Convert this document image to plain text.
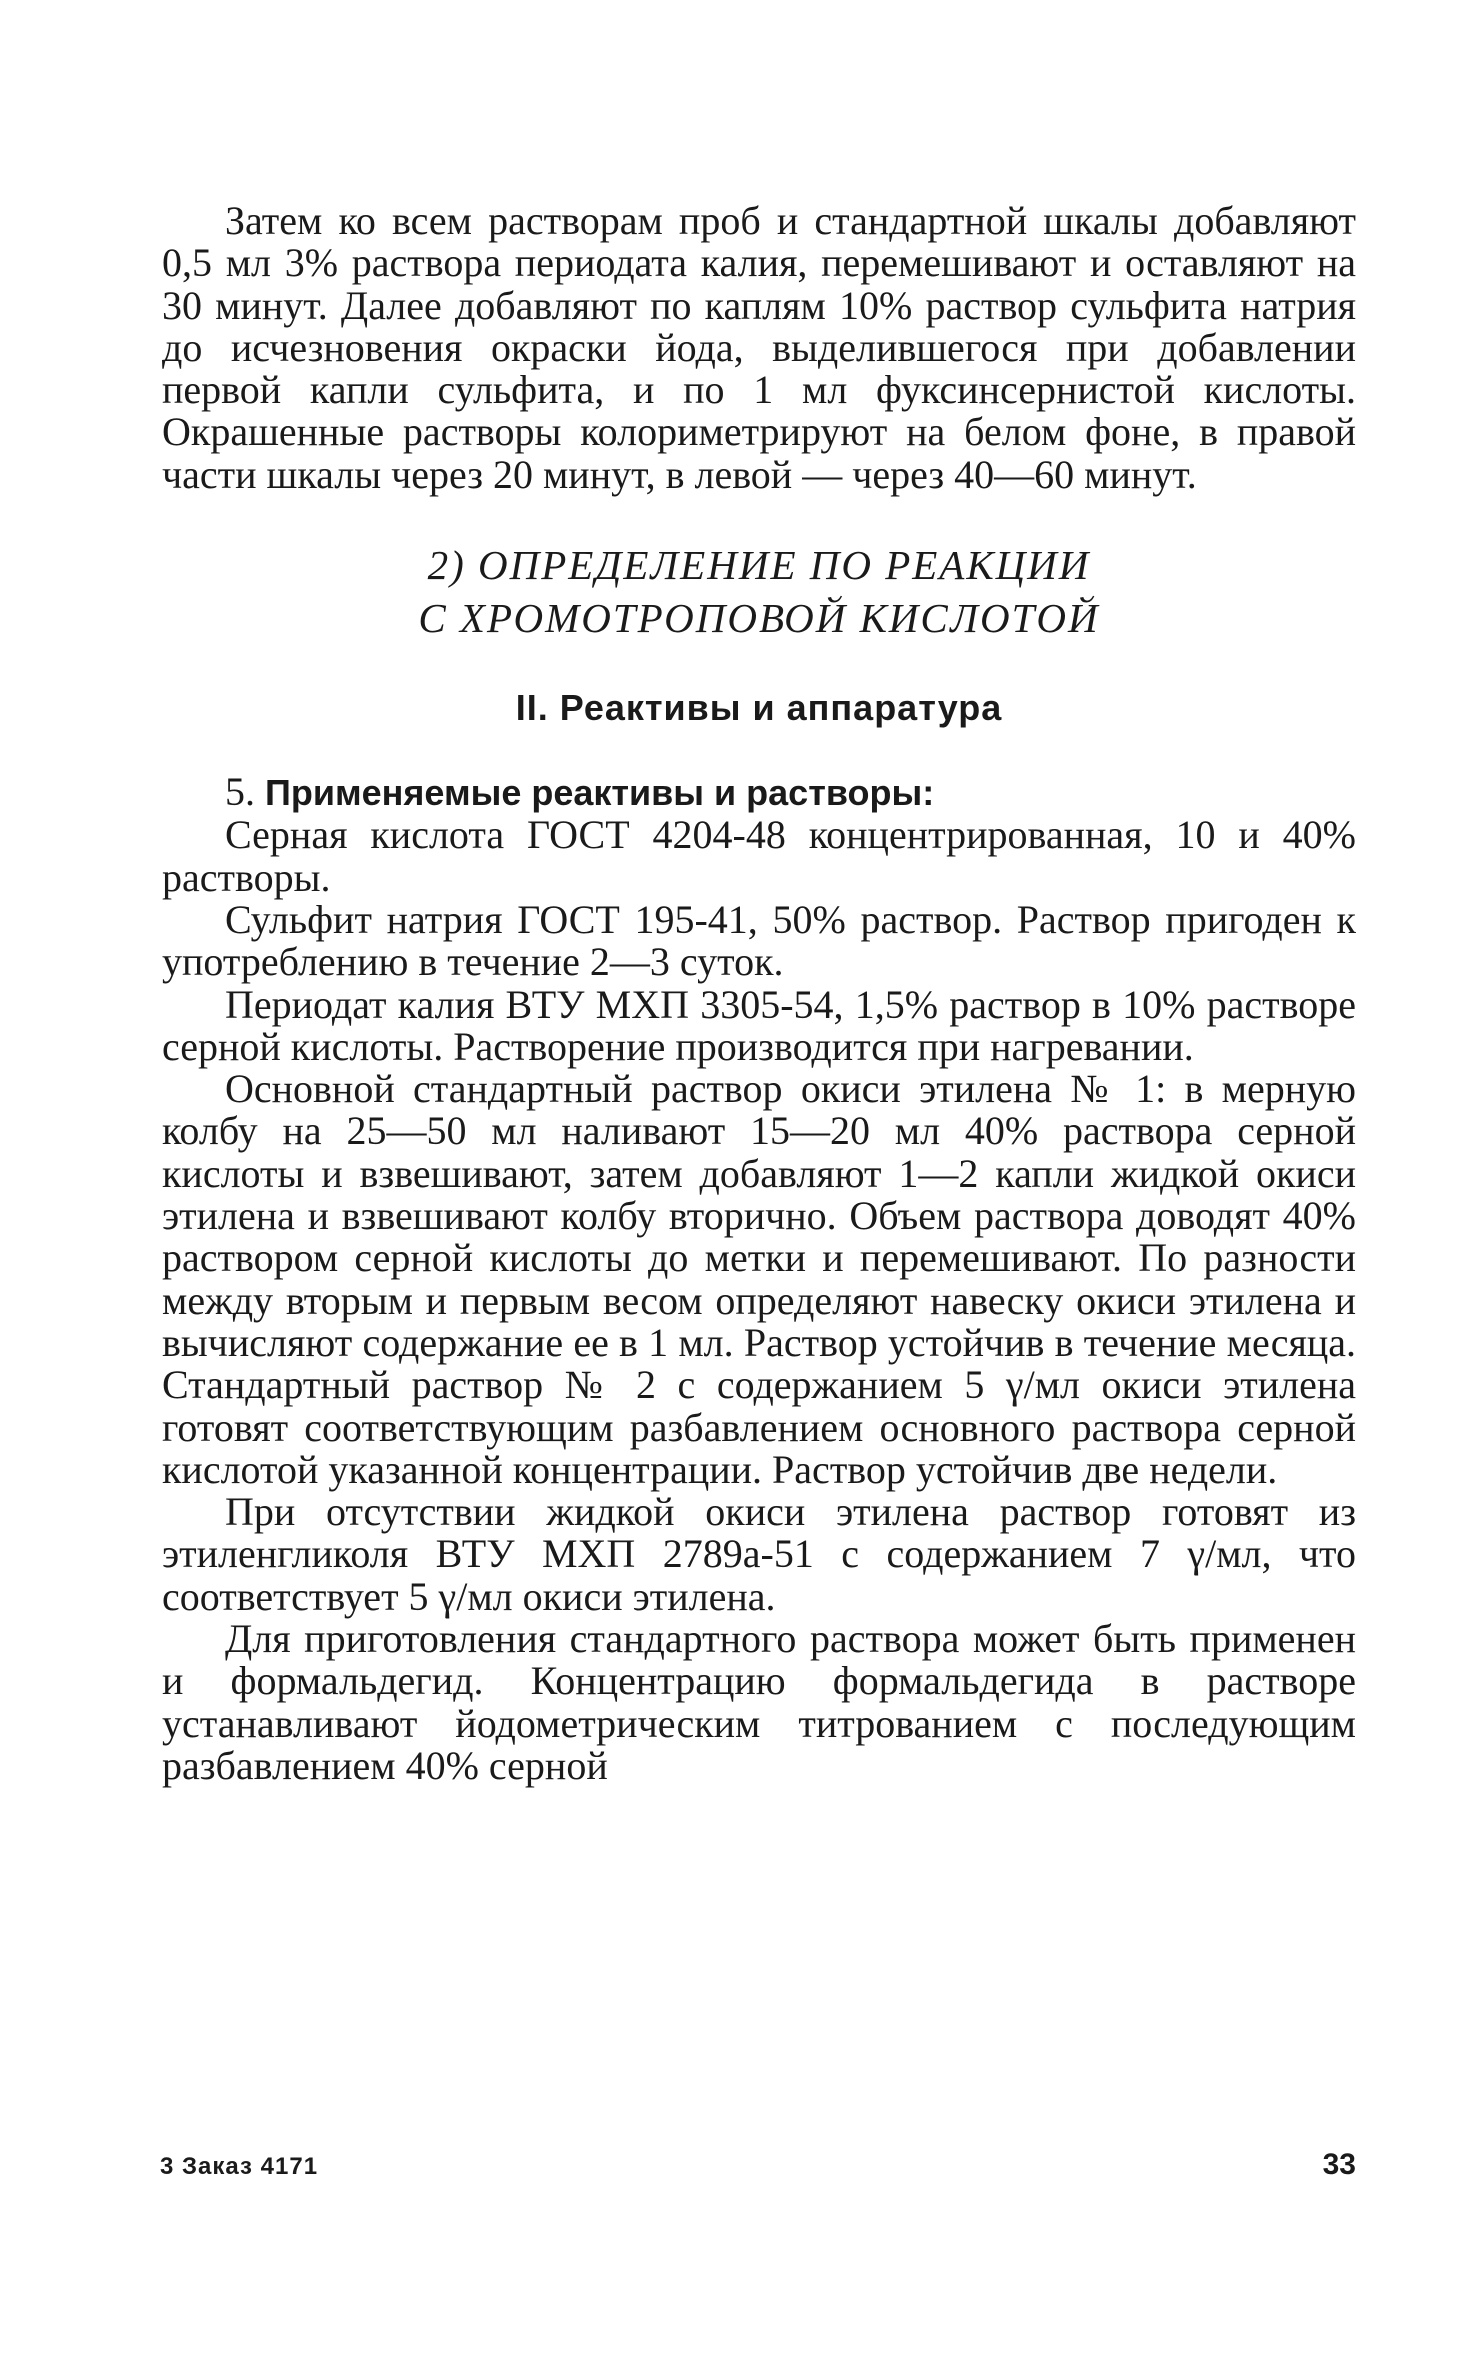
Затем ко всем растворам проб и стандартной шкалы добавляют 0,5 мл 3% раствора периодата калия, перемешивают и оставляют на 30 минут. Далее добавляют по каплям 10% раствор сульфита натрия до исчезновения окраски йода, выделившегося при добавлении первой капли сульфита, и по 1 мл фуксинсернистой кислоты. Окрашенные растворы колориметрируют на белом фоне, в правой части шкалы через 20 минут, в левой — через 40—60 минут.

2) ОПРЕДЕЛЕНИЕ ПО РЕАКЦИИ
С ХРОМОТРОПОВОЙ КИСЛОТОЙ
II. Реактивы и аппаратура

5. Применяемые реактивы и растворы:

Серная кислота ГОСТ 4204-48 концентрированная, 10 и 40% растворы.

Сульфит натрия ГОСТ 195-41, 50% раствор. Раствор пригоден к употреблению в течение 2—3 суток.

Периодат калия ВТУ МХП 3305-54, 1,5% раствор в 10% растворе серной кислоты. Растворение производится при нагревании.

Основной стандартный раствор окиси этилена № 1: в мерную колбу на 25—50 мл наливают 15—20 мл 40% раствора серной кислоты и взвешивают, затем добавляют 1—2 капли жидкой окиси этилена и взвешивают колбу вторично. Объем раствора доводят 40% раствором серной кислоты до метки и перемешивают. По разности между вторым и первым весом определяют навеску окиси этилена и вычисляют содержание ее в 1 мл. Раствор устойчив в течение месяца. Стандартный раствор № 2 с содержанием 5 γ/мл окиси этилена готовят соответствующим разбавлением основного раствора серной кислотой указанной концентрации. Раствор устойчив две недели.

При отсутствии жидкой окиси этилена раствор готовят из этиленгликоля ВТУ МХП 2789а-51 с содержанием 7 γ/мл, что соответствует 5 γ/мл окиси этилена.

Для приготовления стандартного раствора может быть применен и формальдегид. Концентрацию формальдегида в растворе устанавливают йодометрическим титрованием с последующим разбавлением 40% серной

3 Заказ 4171	33
